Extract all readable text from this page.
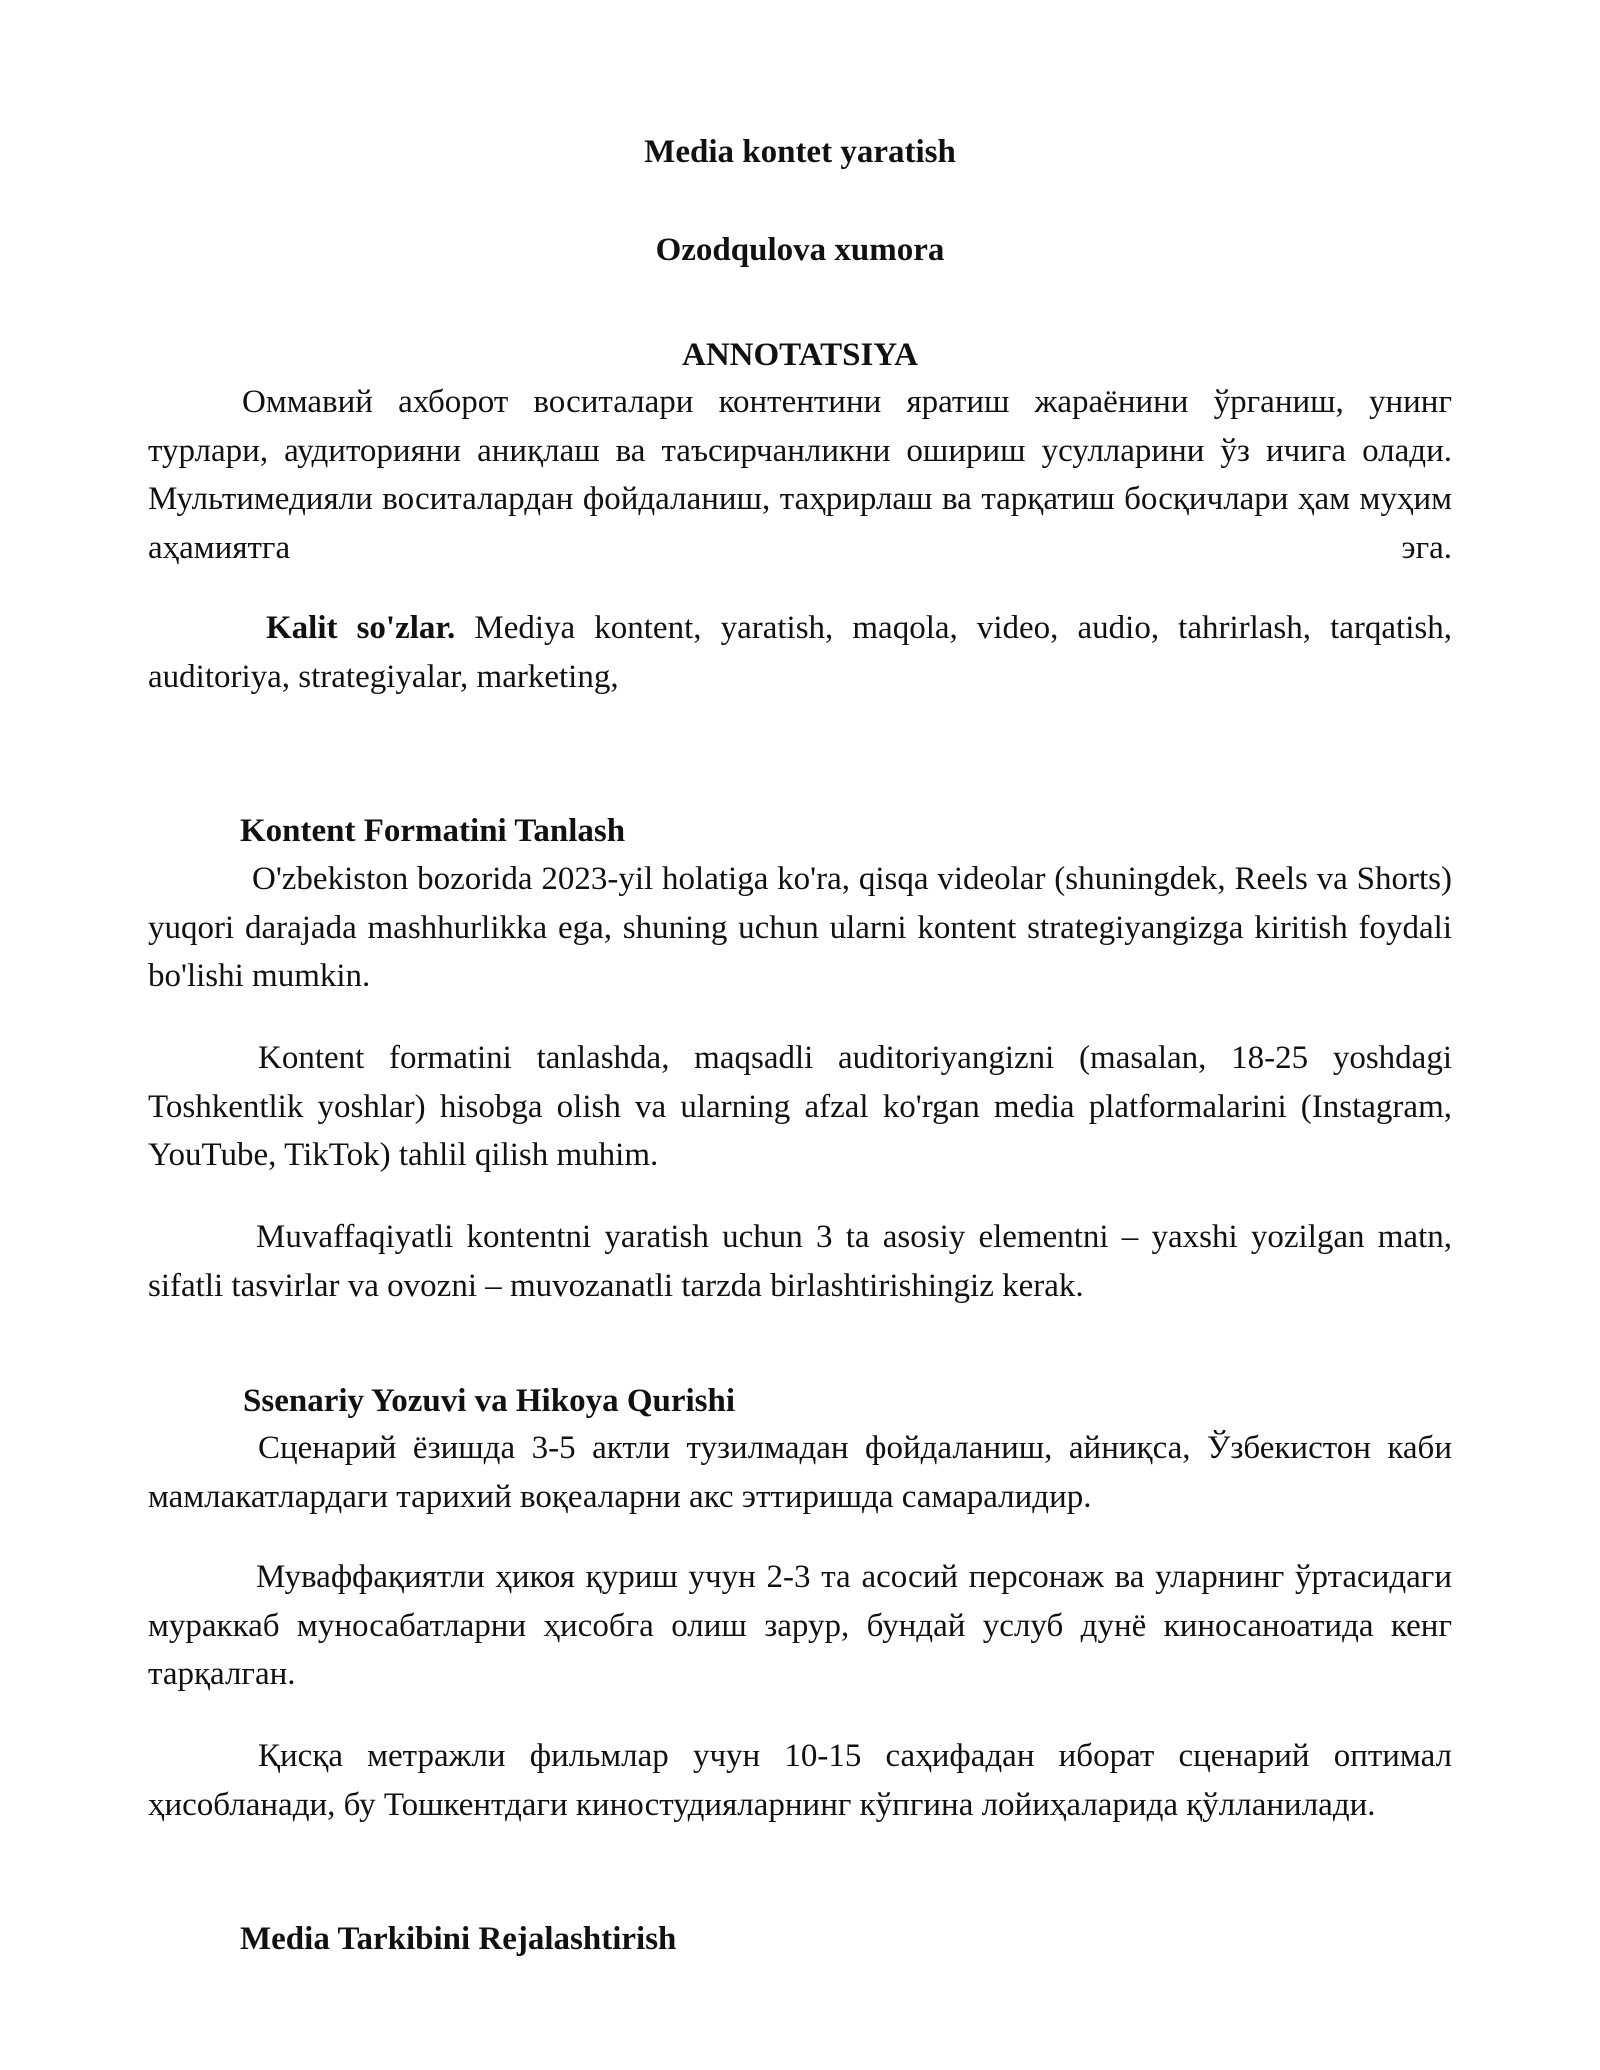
Media kontet yaratish
Ozodqulova xumora
ANNOTATSIYA

Оммавий ахборот воситалари контентини яратиш жараёнини ўрганиш, унинг турлари, аудиторияни аниқлаш ва таъсирчанликни ошириш усулларини ўз ичига олади. Мультимедияли воситалардан фойдаланиш, таҳрирлаш ва тарқатиш босқичлари ҳам муҳим аҳамиятга эга.

Kalit so'zlar. Mediya kontent, yaratish, maqola, video, audio, tahrirlash, tarqatish, auditoriya, strategiyalar, marketing,

Kontent Formatini Tanlash

O'zbekiston bozorida 2023-yil holatiga ko'ra, qisqa videolar (shuningdek, Reels va Shorts) yuqori darajada mashhurlikka ega, shuning uchun ularni kontent strategiyangizga kiritish foydali bo'lishi mumkin.

Kontent formatini tanlashda, maqsadli auditoriyangizni (masalan, 18-25 yoshdagi Toshkentlik yoshlar) hisobga olish va ularning afzal ko'rgan media platformalarini (Instagram, YouTube, TikTok) tahlil qilish muhim.

Muvaffaqiyatli kontentni yaratish uchun 3 ta asosiy elementni – yaxshi yozilgan matn, sifatli tasvirlar va ovozni – muvozanatli tarzda birlashtirishingiz kerak.

Ssenariy Yozuvi va Hikoya Qurishi

Сценарий ёзишда 3-5 актли тузилмадан фойдаланиш, айниқса, Ўзбекистон каби мамлакатлардаги тарихий воқеаларни акс эттиришда самаралидир.

Муваффақиятли ҳикоя қуриш учун 2-3 та асосий персонаж ва уларнинг ўртасидаги мураккаб муносабатларни ҳисобга олиш зарур, бундай услуб дунё киносаноатида кенг тарқалган.

Қисқа метражли фильмлар учун 10-15 саҳифадан иборат сценарий оптимал ҳисобланади, бу Тошкентдаги киностудияларнинг кўпгина лойиҳаларида қўлланилади.

Media Tarkibini Rejalashtirish
